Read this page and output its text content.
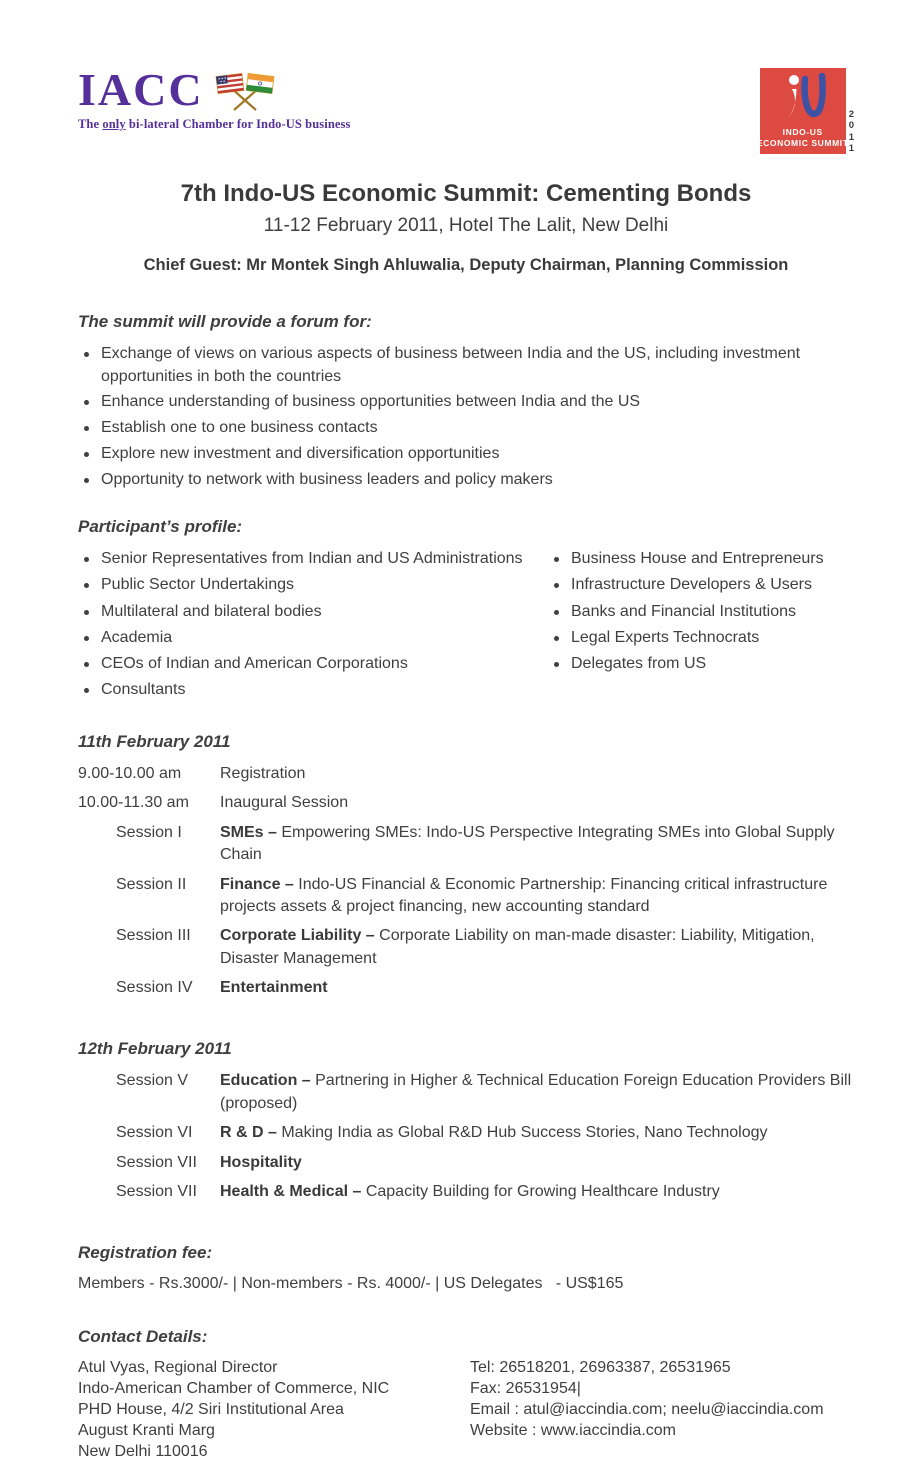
IACC
The only bi-lateral Chamber for Indo-US business
INDO-US
ECONOMIC SUMMIT
2
0
1
1
7th Indo-US Economic Summit: Cementing Bonds
11-12 February 2011, Hotel The Lalit, New Delhi
Chief Guest: Mr Montek Singh Ahluwalia, Deputy Chairman, Planning Commission
The summit will provide a forum for:
Exchange of views on various aspects of business between India and the US, including investment opportunities in both the countries
Enhance understanding of business opportunities between India and the US
Establish one to one business contacts
Explore new investment and diversification opportunities
Opportunity to network with business leaders and policy makers
Participant’s profile:
Senior Representatives from Indian and US Administrations
Public Sector Undertakings
Multilateral and bilateral bodies
Academia
CEOs of Indian and American Corporations
Consultants
Business House and Entrepreneurs
Infrastructure Developers & Users
Banks and Financial Institutions
Legal Experts Technocrats
Delegates from US
11th February 2011
9.00-10.00 am	Registration
10.00-11.30 am	Inaugural Session
Session I	SMEs – Empowering SMEs: Indo-US Perspective Integrating SMEs into Global Supply Chain
Session II	Finance – Indo-US Financial & Economic Partnership: Financing critical infrastructure projects assets & project financing, new accounting standard
Session III	Corporate Liability – Corporate Liability on man-made disaster: Liability, Mitigation, Disaster Management
Session IV	Entertainment
12th February 2011
Session V	Education – Partnering in Higher & Technical Education Foreign Education Providers Bill (proposed)
Session VI	R & D – Making India as Global R&D Hub Success Stories, Nano Technology
Session VII	Hospitality
Session VII	Health & Medical – Capacity Building for Growing Healthcare Industry
Registration fee:
Members - Rs.3000/- | Non-members - Rs. 4000/- | US Delegates   - US$165
Contact Details:
Atul Vyas, Regional Director
Indo-American Chamber of Commerce, NIC
PHD House, 4/2 Siri Institutional Area
August Kranti Marg
New Delhi 110016
Tel: 26518201, 26963387, 26531965
Fax: 26531954|
Email : atul@iaccindia.com; neelu@iaccindia.com
Website : www.iaccindia.com
